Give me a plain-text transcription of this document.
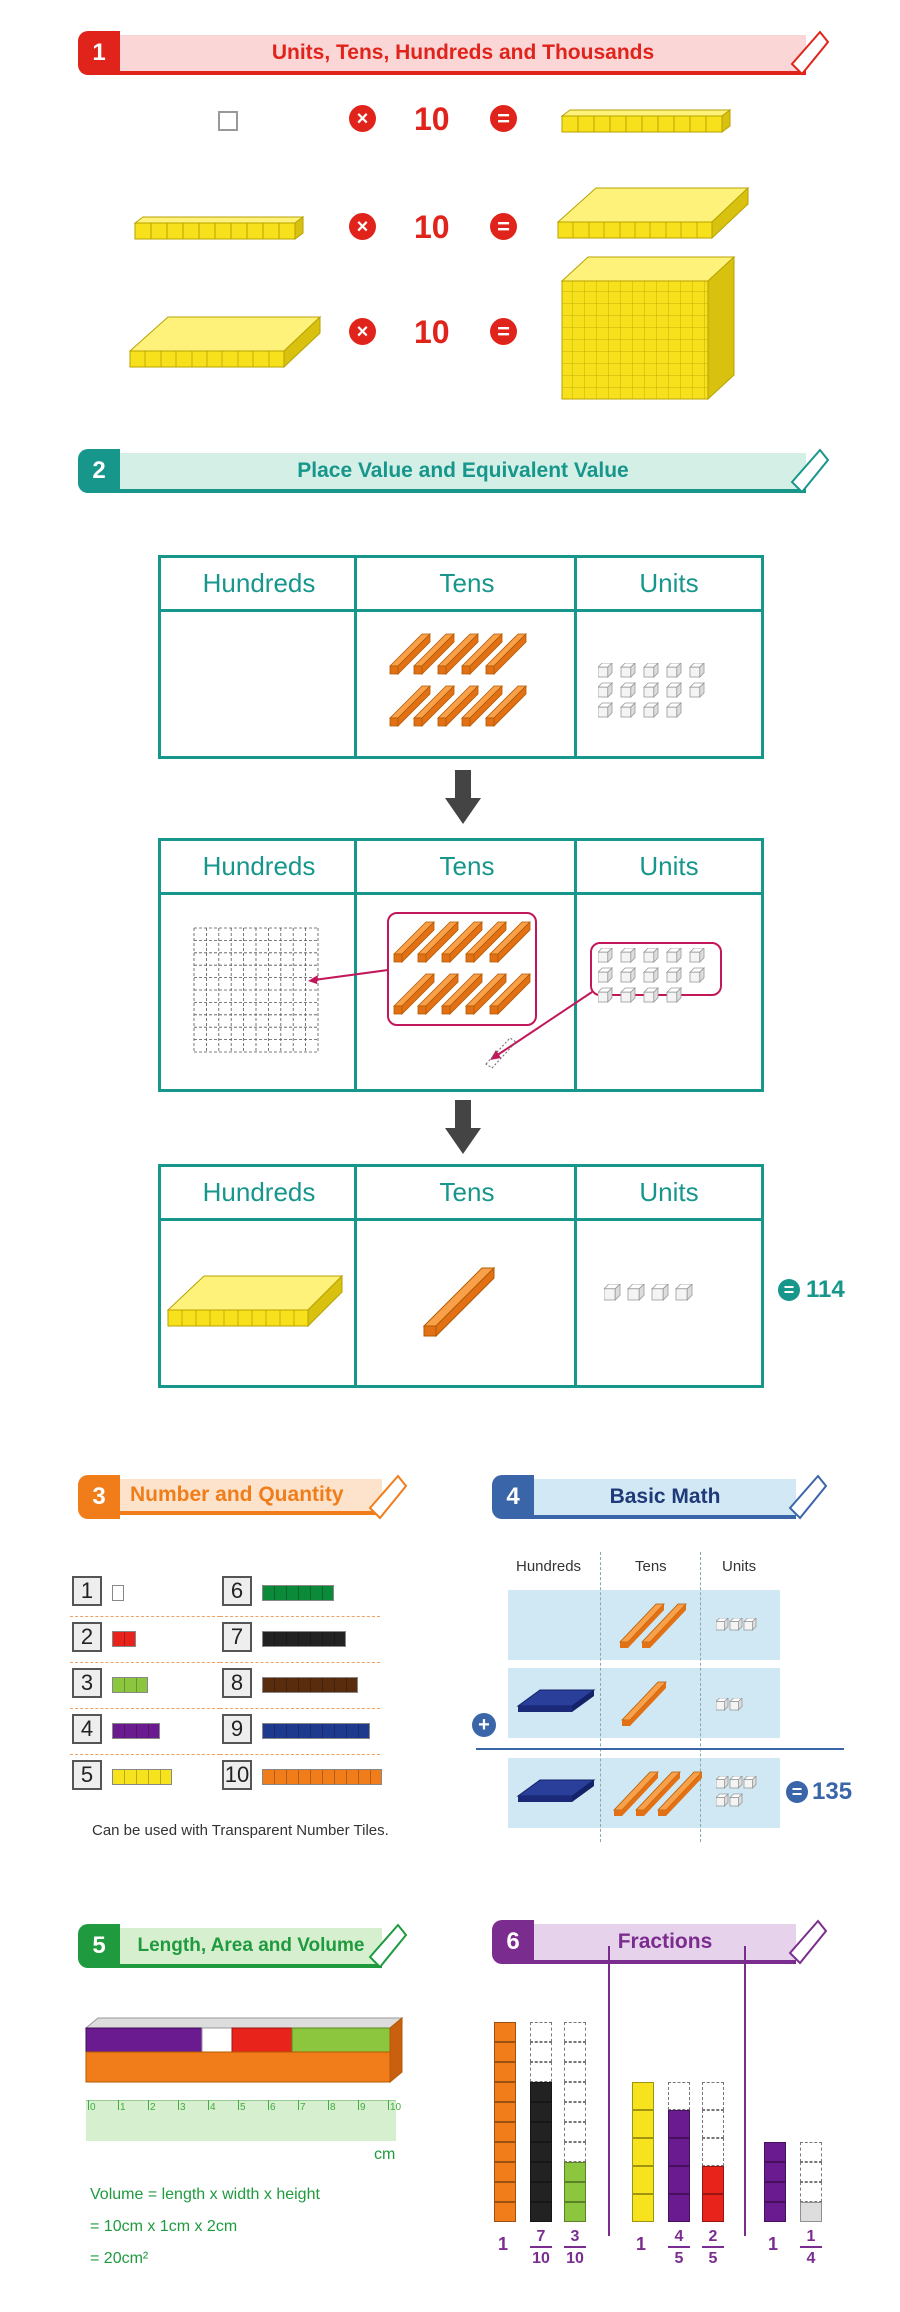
1	Units, Tens, Hundreds and Thousands
2	Place Value and Equivalent Value
Hundreds	Tens	Units
Hundreds	Tens	Units
Hundreds	Tens	Units
= 114
3	Number and Quantity
1
2
3
4
5
6
7
8
9
10
Can be used with Transparent Number Tiles.
4	Basic Math
Hundreds	Tens	Units
+
= 135
5	Length, Area and Volume
0 1 2 3 4 5 6 7 8 9 10
cm
Volume = length x width x height
= 10cm x 1cm x 2cm
= 20cm²
6	Fractions
1	7
10
3
10
1	4
5
2
5
1	1
4
× 10	=
× 10	=
× 10	=
